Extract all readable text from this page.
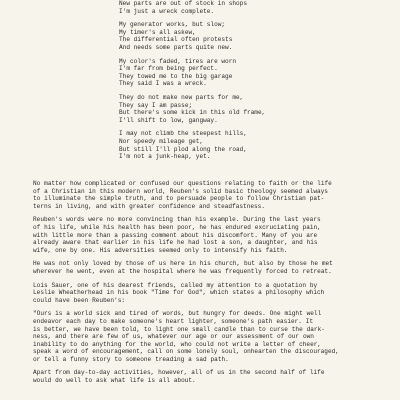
New parts are out of stock in shops
I'm just a wreck complete.
My generator works, but slow;
My timer's all askew,
The differential often protests
And needs some parts quite new.
My color's faded, tires are worn
I'm far from being perfect.
They towed me to the big garage
They said I was a wreck.
They do not make new parts for me,
They say I am passe;
But there's some kick in this old frame,
I'll shift to low, gangway.
I may not climb the steepest hills,
Nor speedy mileage get,
But still I'll plod along the road,
I'm not a junk-heap, yet.
No matter how complicated or confused our questions relating to faith or the life
of a Christian in this modern world, Reuben's solid basic theology seemed always
to illuminate the simple truth, and to persuade people to follow Christian pat-
terns in living, and with greater confidence and steadfastness.
Reuben's words were no more convincing than his example. During the last years
of his life, while his health has been poor, he has endured excruciating pain,
with little more than a passing comment about his discomfort. Many of you are
already aware that earlier in his life he had lost a son, a daughter, and his
wife, one by one. His adversities seemed only to intensify his faith.
He was not only loved by those of us here in his church, but also by those he met
wherever he went, even at the hospital where he was frequently forced to retreat.
Lois Sauer, one of his dearest friends, called my attention to a quotation by
Leslie Wheatherhead in his book "Time for God", which states a philosophy which
could have been Reuben's:
"Ours is a world sick and tired of words, but hungry for deeds. One might well
endeavor each day to make someone's heart lighter, someone's path easier. It
is better, we have been told, to light one small candle than to curse the dark-
ness, and there are few of us, whatever our age or our assessment of our own
inability to do anything for the world, who could not write a letter of cheer,
speak a word of encouragement, call on some lonely soul, onhearten the discouraged,
or tell a funny story to someone treading a sad path.
Apart from day-to-day activities, however, all of us in the second half of life
would do well to ask what life is all about.
